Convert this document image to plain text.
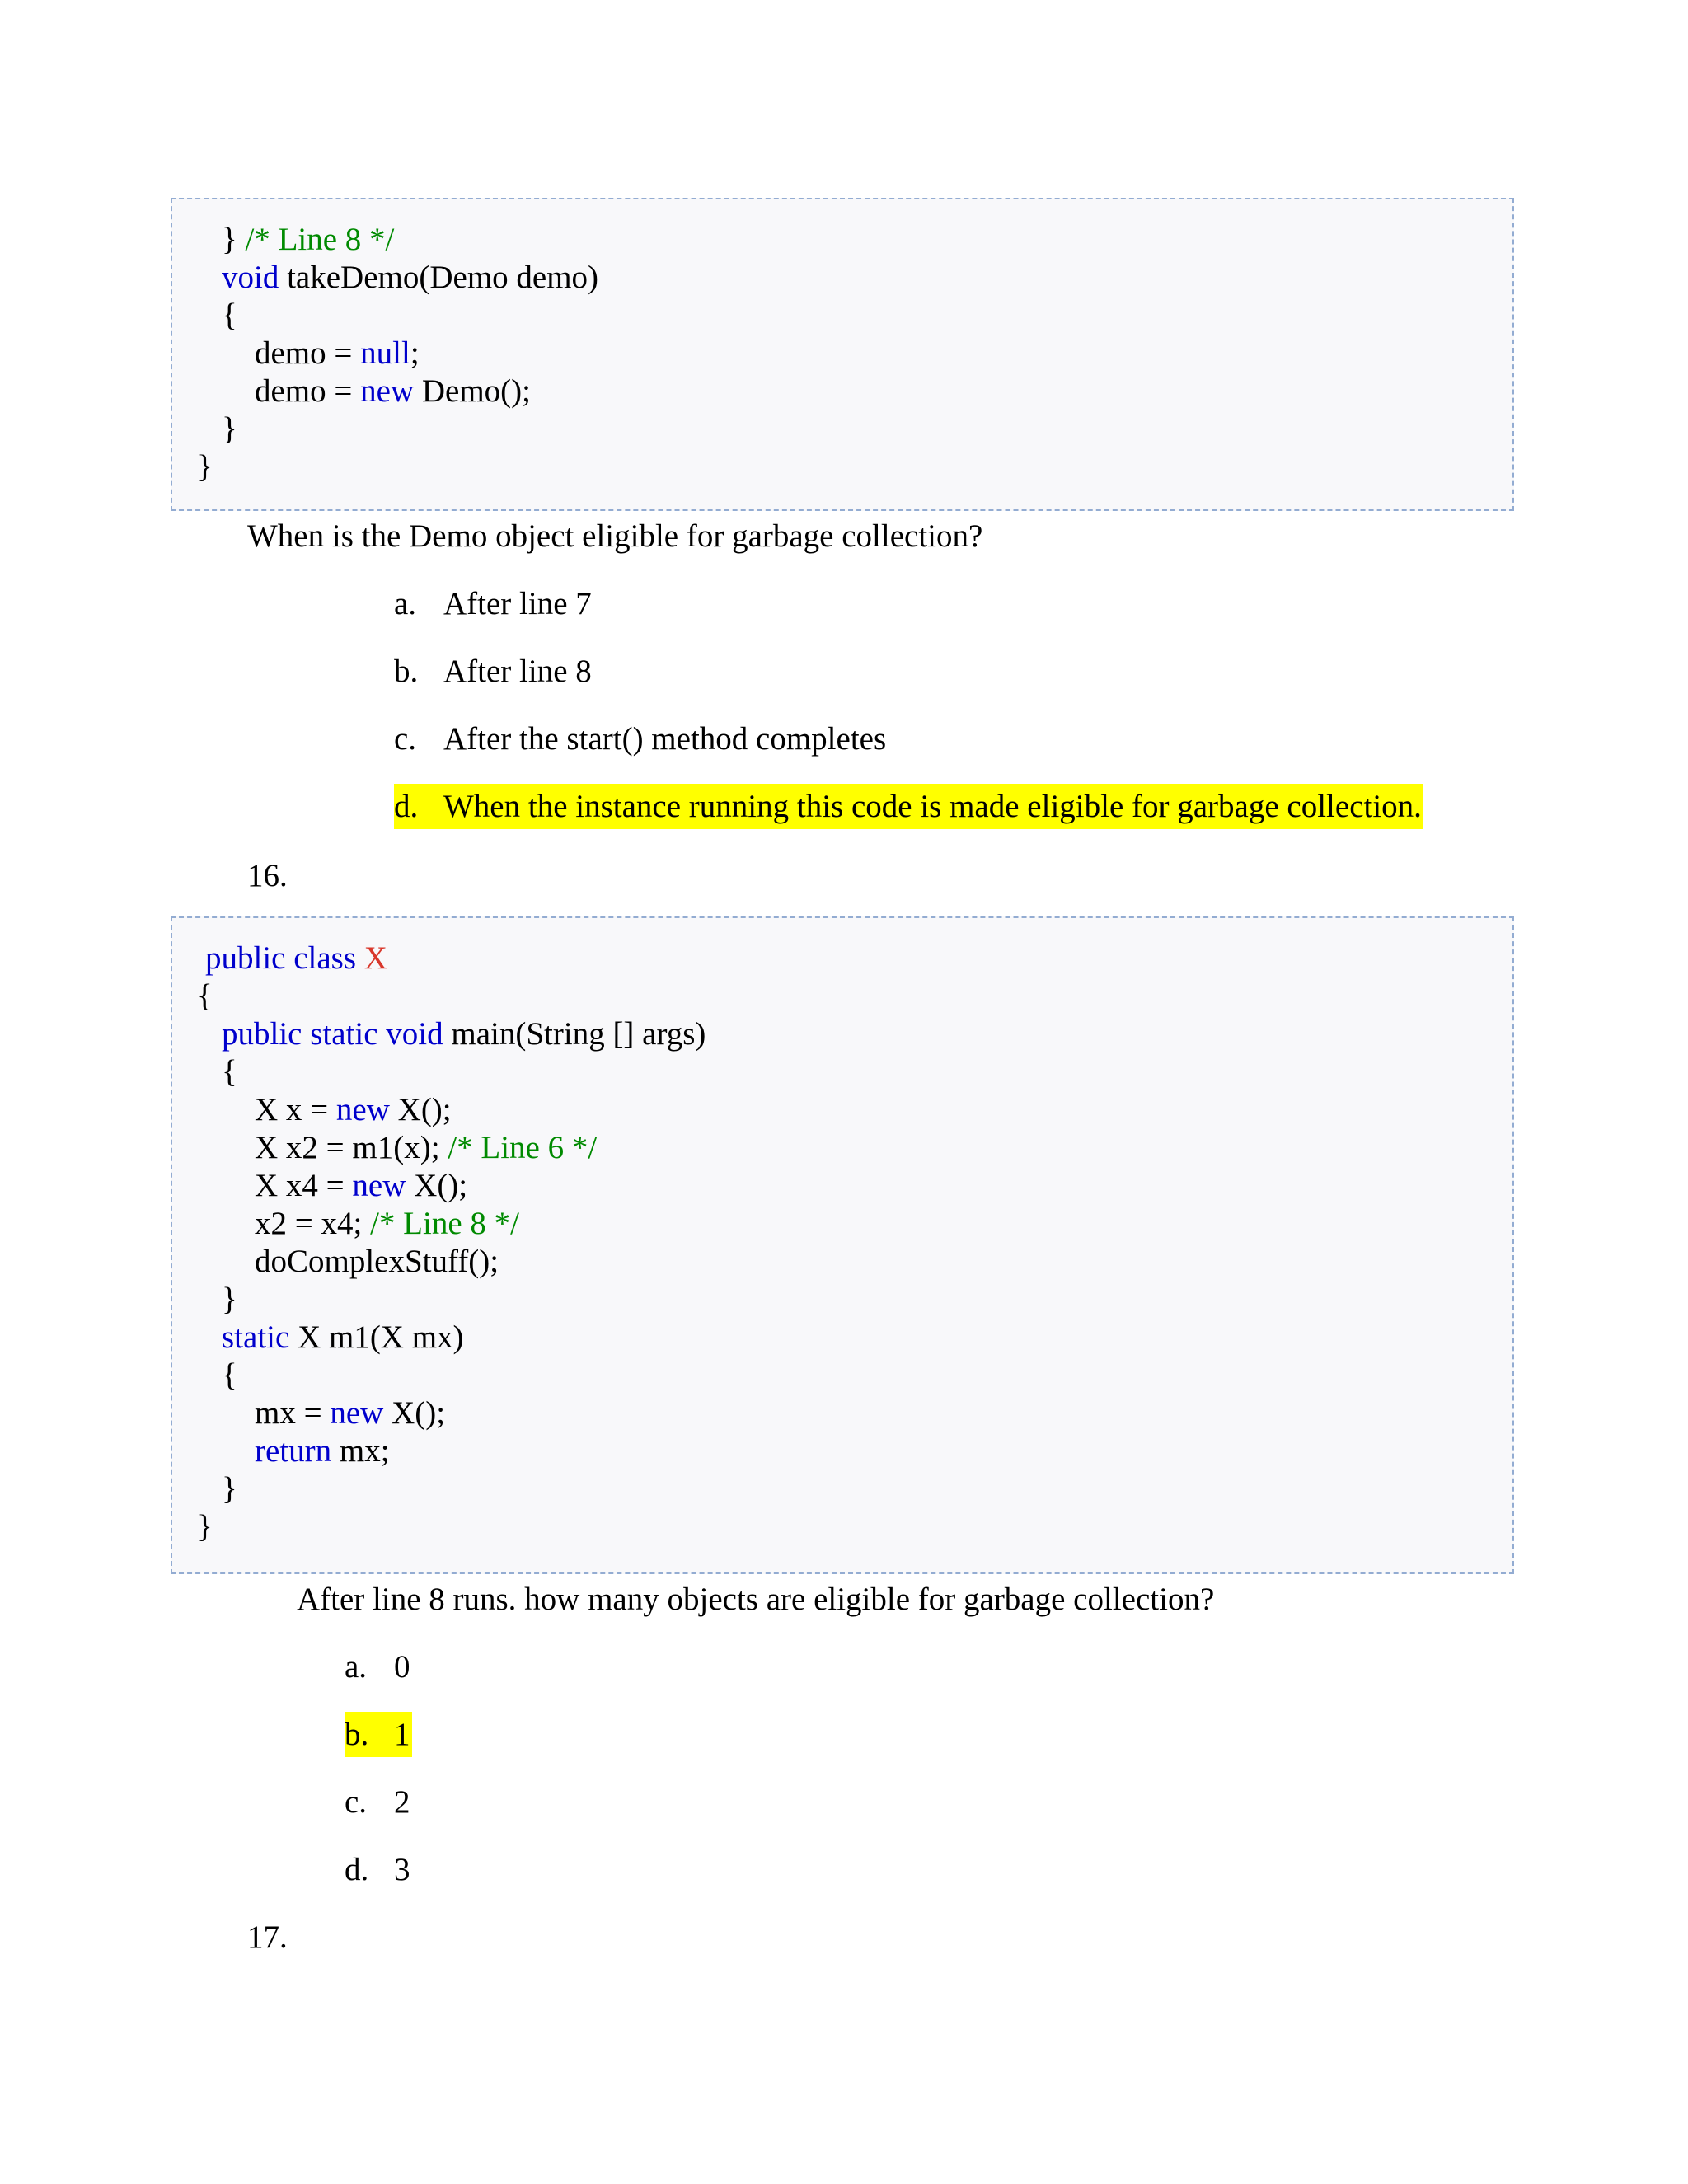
} /* Line 8 */
void takeDemo(Demo demo)
{
demo = null;
demo = new Demo();
}
}
When is the Demo object eligible for garbage collection?
a. After line 7
b. After line 8
c. After the start() method completes
d. When the instance running this code is made eligible for garbage collection.
16.
public class X
{
public static void main(String [] args)
{
X x = new X();
X x2 = m1(x); /* Line 6 */
X x4 = new X();
x2 = x4; /* Line 8 */
doComplexStuff();
}
static X m1(X mx)
{
mx = new X();
return mx;
}
}
After line 8 runs. how many objects are eligible for garbage collection?
a. 0
b. 1
c. 2
d. 3
17.
